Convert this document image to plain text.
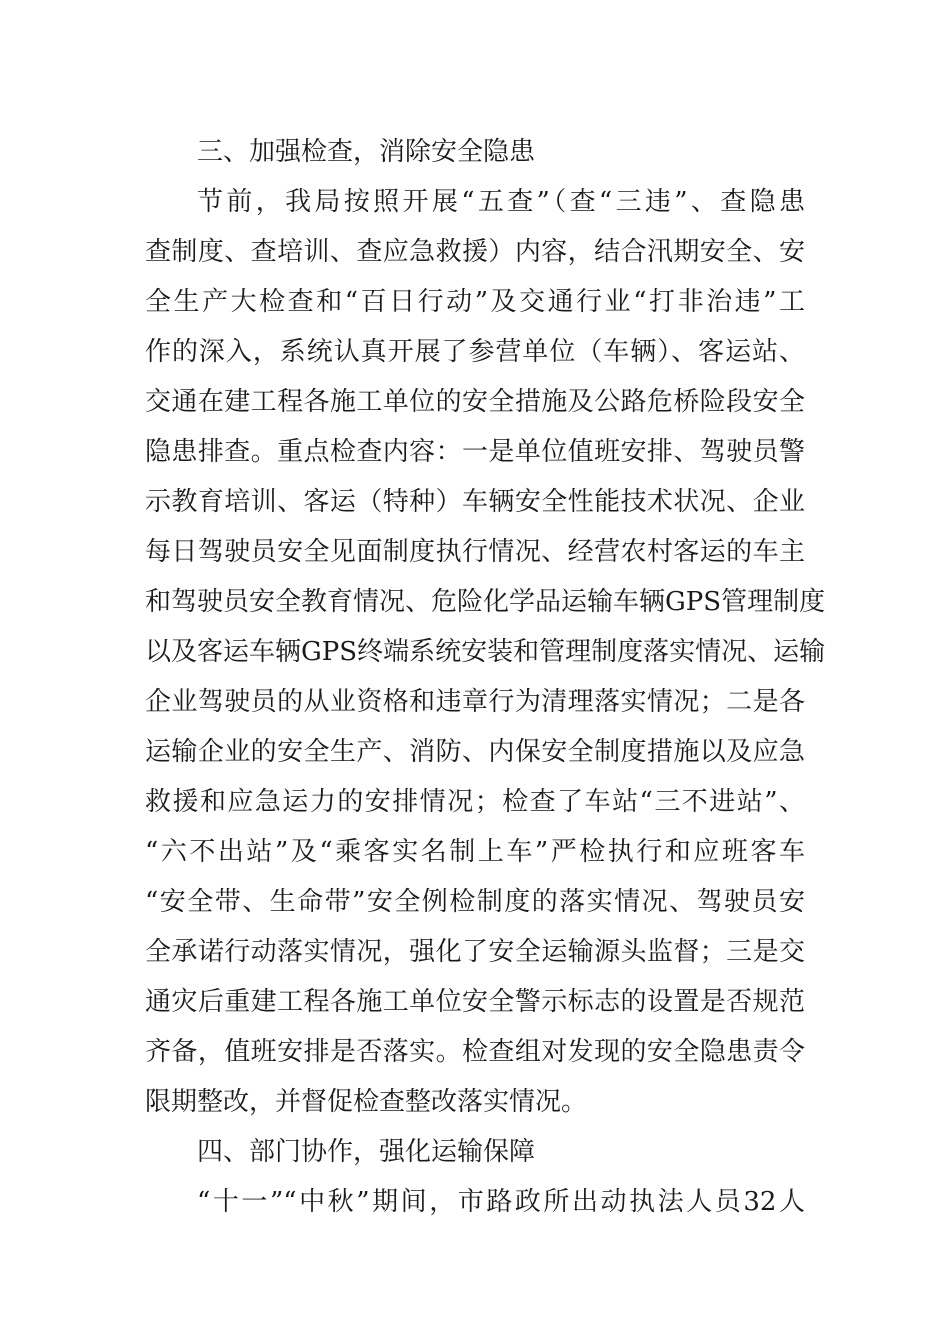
三、加强检查，消除安全隐患
节前，我局按照开展“五查”（查“三违”、查隐患
查制度、查培训、查应急救援）内容，结合汛期安全、安
全生产大检查和“百日行动”及交通行业“打非治违”工
作的深入，系统认真开展了参营单位（车辆）、客运站、
交通在建工程各施工单位的安全措施及公路危桥险段安全
隐患排查。重点检查内容：一是单位值班安排、驾驶员警
示教育培训、客运（特种）车辆安全性能技术状况、企业
每日驾驶员安全见面制度执行情况、经营农村客运的车主
和驾驶员安全教育情况、危险化学品运输车辆GPS管理制度
以及客运车辆GPS终端系统安装和管理制度落实情况、运输
企业驾驶员的从业资格和违章行为清理落实情况；二是各
运输企业的安全生产、消防、内保安全制度措施以及应急
救援和应急运力的安排情况；检查了车站“三不进站”、
“六不出站”及“乘客实名制上车”严检执行和应班客车
“安全带、生命带”安全例检制度的落实情况、驾驶员安
全承诺行动落实情况，强化了安全运输源头监督；三是交
通灾后重建工程各施工单位安全警示标志的设置是否规范
齐备，值班安排是否落实。检查组对发现的安全隐患责令
限期整改，并督促检查整改落实情况。
四、部门协作，强化运输保障
“十一”“中秋”期间，市路政所出动执法人员32人
